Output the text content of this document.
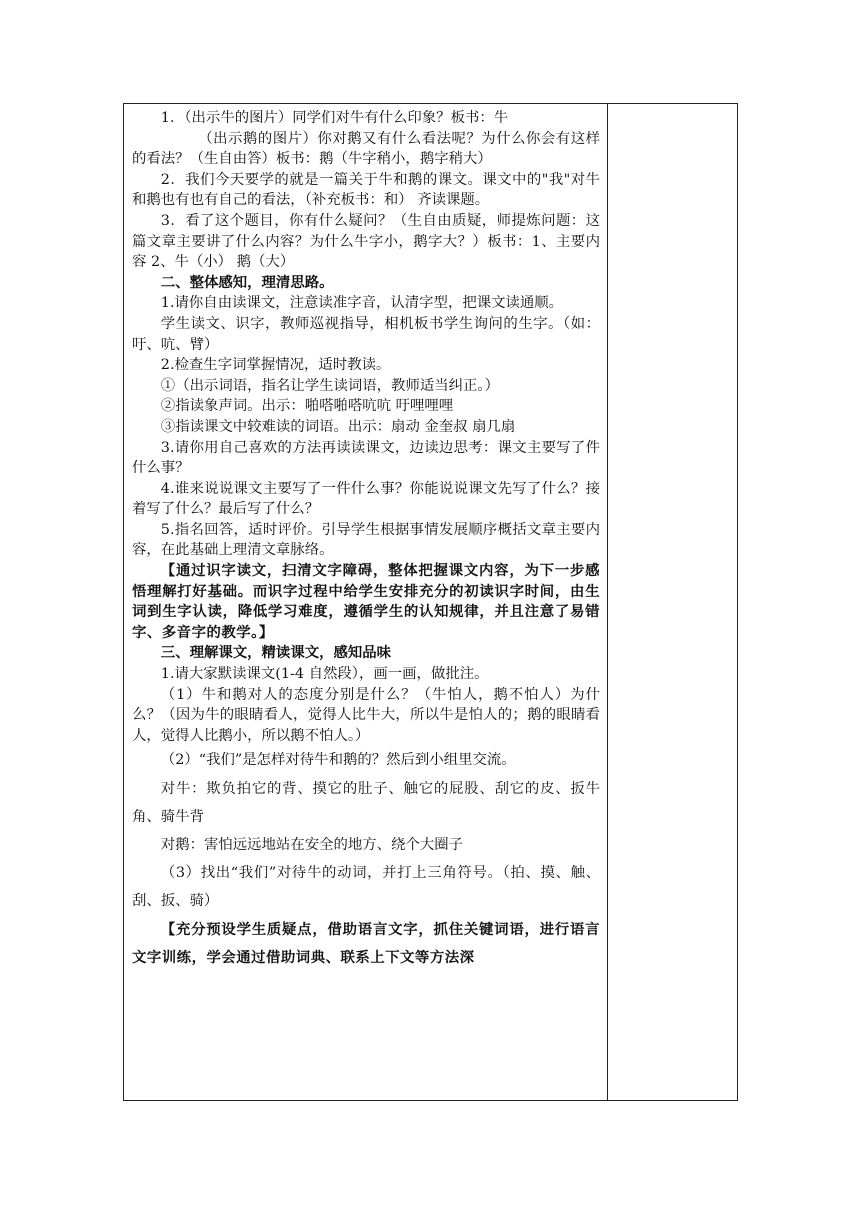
1．（出示牛的图片）同学们对牛有什么印象？板书：牛

（出示鹅的图片）你对鹅又有什么看法呢？为什么你会有这样的看法？（生自由答）板书：鹅（牛字稍小，鹅字稍大）

2．我们今天要学的就是一篇关于牛和鹅的课文。课文中的"我"对牛和鹅也有也有自己的看法，（补充板书：和） 齐读课题。

3．看了这个题目，你有什么疑问？（生自由质疑，师提炼问题：这篇文章主要讲了什么内容？为什么牛字小，鹅字大？）板书：1、主要内容 2、牛（小） 鹅（大）

二、整体感知，理清思路。

1.请你自由读课文，注意读准字音，认清字型，把课文读通顺。

学生读文、识字，教师巡视指导，相机板书学生询问的生字。（如：吁、吭、臂）

2.检查生字词掌握情况，适时教读。

①（出示词语，指名让学生读词语，教师适当纠正。）

②指读象声词。出示：啪嗒啪嗒吭吭 吁哩哩哩

③指读课文中较难读的词语。出示：扇动 金奎叔 扇几扇

3.请你用自己喜欢的方法再读读课文，边读边思考：课文主要写了件什么事？

4.谁来说说课文主要写了一件什么事？你能说说课文先写了什么？接着写了什么？最后写了什么？

5.指名回答，适时评价。引导学生根据事情发展顺序概括文章主要内容，在此基础上理清文章脉络。

【通过识字读文，扫清文字障碍，整体把握课文内容，为下一步感悟理解打好基础。而识字过程中给学生安排充分的初读识字时间，由生词到生字认读，降低学习难度，遵循学生的认知规律，并且注意了易错字、多音字的教学。】

三、理解课文，精读课文，感知品味

1.请大家默读课文(1-4 自然段），画一画，做批注。

（1）牛和鹅对人的态度分别是什么？（牛怕人，鹅不怕人）为什么？（因为牛的眼睛看人，觉得人比牛大，所以牛是怕人的；鹅的眼睛看人，觉得人比鹅小，所以鹅不怕人。）

（2）“我们”是怎样对待牛和鹅的？然后到小组里交流。

对牛：欺负拍它的背、摸它的肚子、触它的屁股、刮它的皮、扳牛角、骑牛背

对鹅：害怕远远地站在安全的地方、绕个大圈子

（3）找出“我们”对待牛的动词，并打上三角符号。（拍、摸、触、刮、扳、骑）

【充分预设学生质疑点，借助语言文字，抓住关键词语，进行语言文字训练，学会通过借助词典、联系上下文等方法深
